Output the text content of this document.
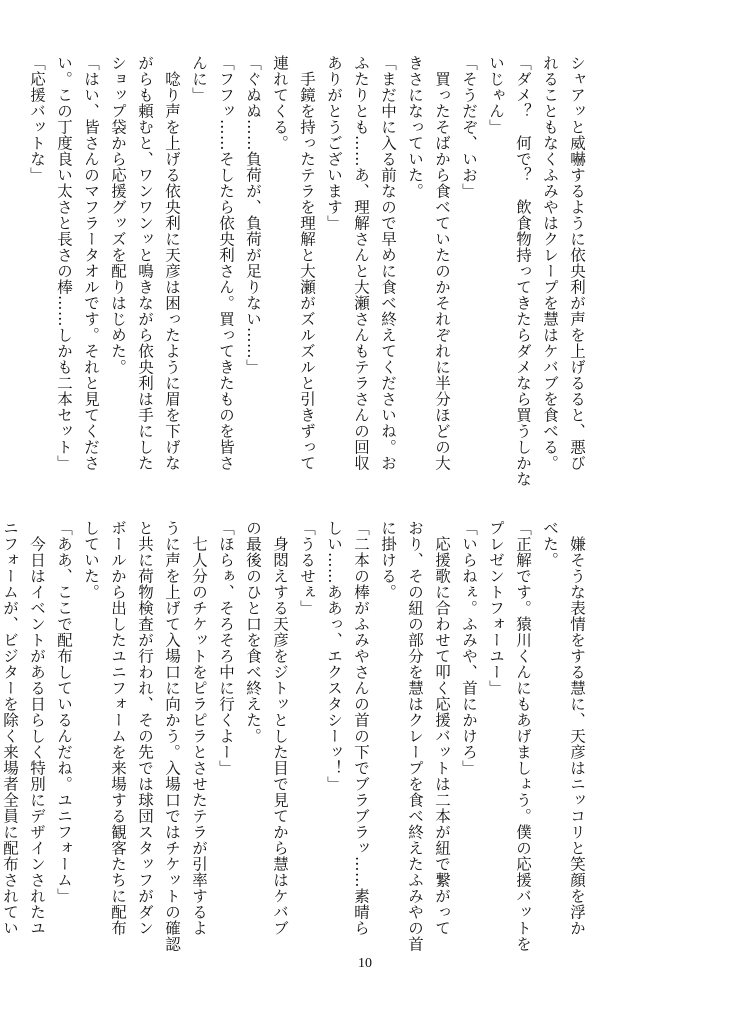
シャアッと威嚇するように依央利が声を上げるると、悪び
れることもなくふみやはクレープを慧はケバブを食べる。
「ダメ？　何で？　飲食物持ってきたらダメなら買うしかな
いじゃん」
「そうだぞ、いお」
　買ったそばから食べていたのかそれぞれに半分ほどの大
きさになっていた。
「まだ中に入る前なので早めに食べ終えてくださいね。お
ふたりとも……あ、理解さんと大瀬さんもテラさんの回収
ありがとうございます」
　手鏡を持ったテラを理解と大瀬がズルズルと引きずって
連れてくる。
「ぐぬぬ……負荷が、負荷が足りない……」
「フフッ……そしたら依央利さん。買ってきたものを皆さ
んに」
　唸り声を上げる依央利に天彦は困ったように眉を下げな
がらも頼むと、ワンワンッと鳴きながら依央利は手にした
ショップ袋から応援グッズを配りはじめた。
「はい、皆さんのマフラータオルです。それと見てくださ
い。この丁度良い太さと長さの棒……しかも二本セット」
「応援バットな」
　嫌そうな表情をする慧に、天彦はニッコリと笑顔を浮か
べた。
「正解です。猿川くんにもあげましょう。僕の応援バットを
プレゼントフォーユー」
「いらねぇ。ふみや、首にかけろ」
　応援歌に合わせて叩く応援バットは二本が紐で繋がって
おり、その紐の部分を慧はクレープを食べ終えたふみやの首
に掛ける。
「二本の棒がふみやさんの首の下でブラブラッ……素晴ら
しい……ああっ、エクスタシーッ！」
「うるせぇ」
　身悶えする天彦をジトッとした目で見てから慧はケバブ
の最後のひと口を食べ終えた。
「ほらぁ、そろそろ中に行くよー」
　七人分のチケットをピラピラとさせたテラが引率するよ
うに声を上げて入場口に向かう。入場口ではチケットの確認
と共に荷物検査が行われ、その先では球団スタッフがダン
ボールから出したユニフォームを来場する観客たちに配布
していた。
「ああ、ここで配布しているんだね。ユニフォーム」
　今日はイベントがある日らしく特別にデザインされたユ
ニフォームが、ビジターを除く来場者全員に配布されてい
10
